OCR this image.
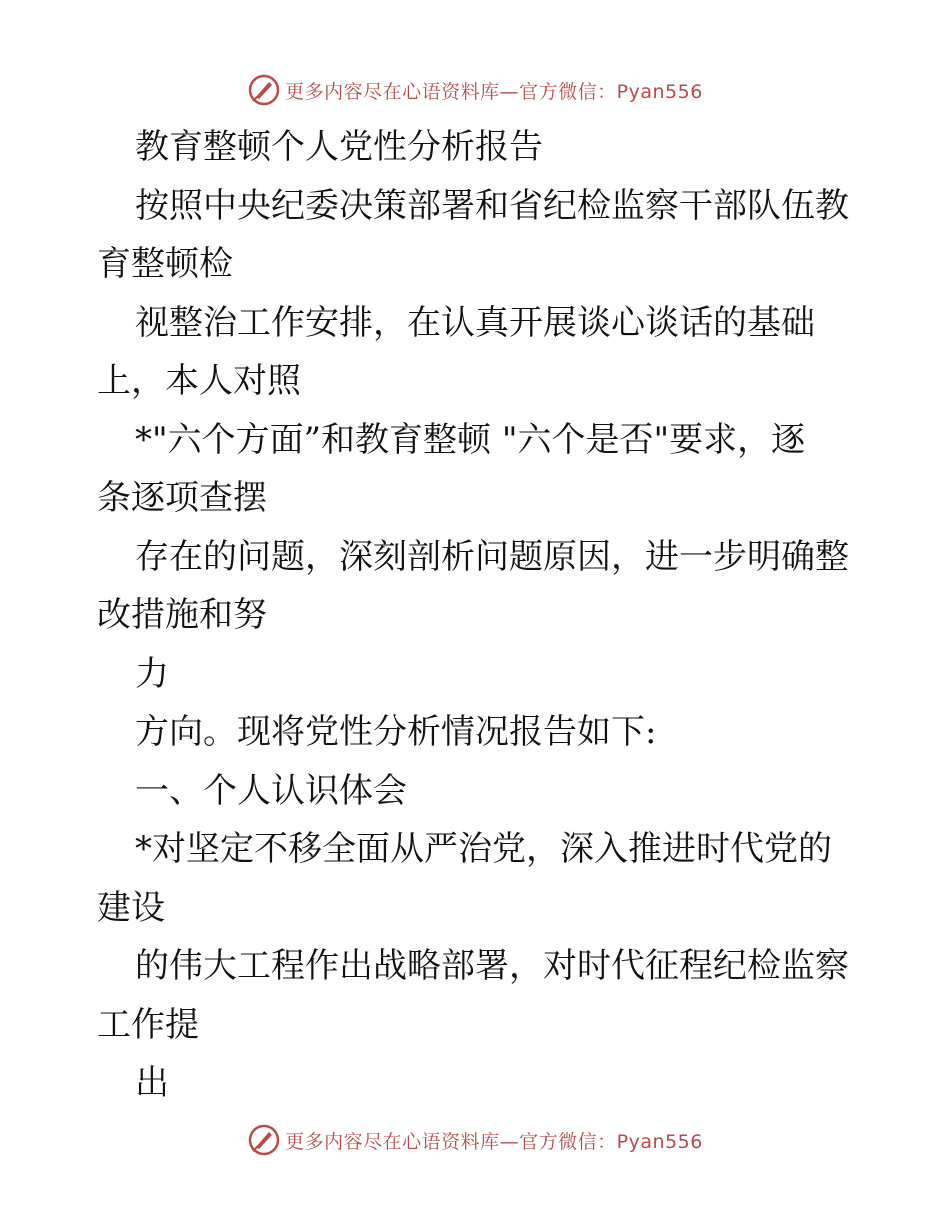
更多内容尽在心语资料库—官方微信：Pyan556
教育整顿个人党性分析报告
按照中央纪委决策部署和省纪检监察干部队伍教
育整顿检
视整治工作安排，在认真开展谈心谈话的基础
上，本人对照
*"六个方面”和教育整顿 "六个是否"要求，逐
条逐项查摆
存在的问题，深刻剖析问题原因，进一步明确整
改措施和努
力
方向。现将党性分析情况报告如下:
一、个人认识体会
*对坚定不移全面从严治党，深入推进时代党的
建设
的伟大工程作出战略部署，对时代征程纪检监察
工作提
出
更多内容尽在心语资料库—官方微信：Pyan556
